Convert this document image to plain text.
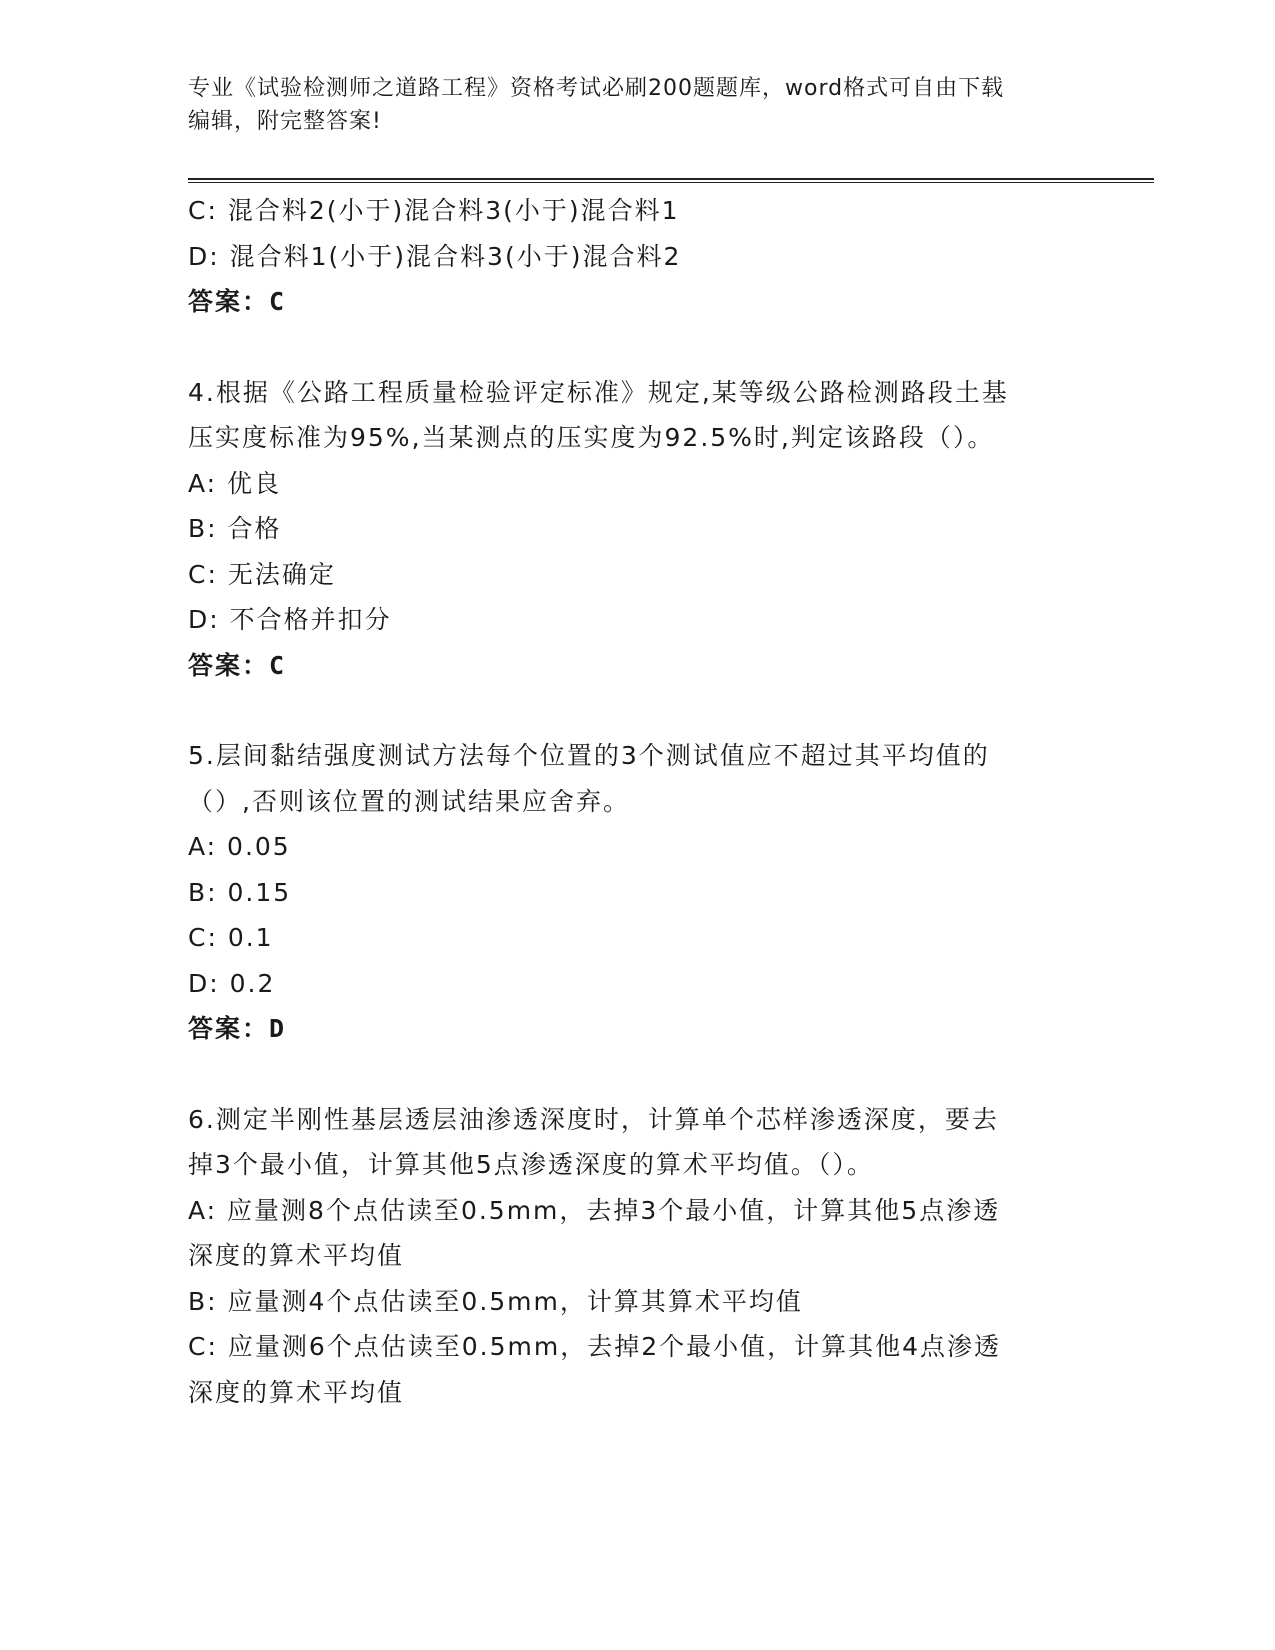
专业《试验检测师之道路工程》资格考试必刷200题题库，word格式可自由下载
编辑，附完整答案!
C: 混合料2(小于)混合料3(小于)混合料1
D: 混合料1(小于)混合料3(小于)混合料2
答案：C
4.根据《公路工程质量检验评定标准》规定,某等级公路检测路段土基
压实度标准为95%,当某测点的压实度为92.5%时,判定该路段（）。
A: 优良
B: 合格
C: 无法确定
D: 不合格并扣分
答案：C
5.层间黏结强度测试方法每个位置的3个测试值应不超过其平均值的
（）,否则该位置的测试结果应舍弃。
A: 0.05
B: 0.15
C: 0.1
D: 0.2
答案：D
6.测定半刚性基层透层油渗透深度时，计算单个芯样渗透深度，要去
掉3个最小值，计算其他5点渗透深度的算术平均值。（）。
A: 应量测8个点估读至0.5mm，去掉3个最小值，计算其他5点渗透
深度的算术平均值
B: 应量测4个点估读至0.5mm，计算其算术平均值
C: 应量测6个点估读至0.5mm，去掉2个最小值，计算其他4点渗透
深度的算术平均值
